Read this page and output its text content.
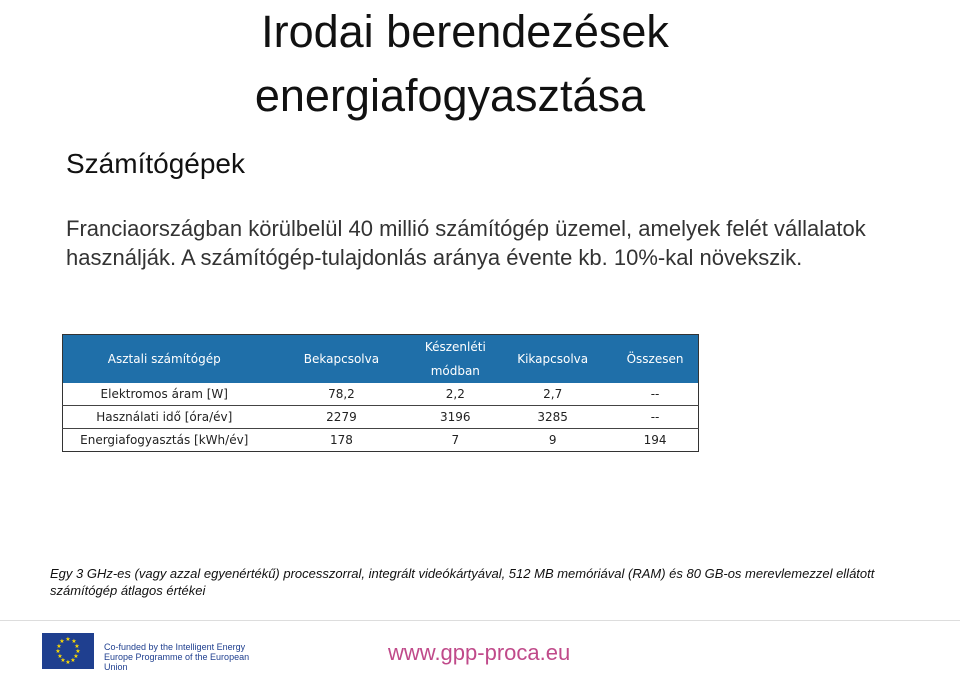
Irodai berendezések
energiafogyasztása
Számítógépek
Franciaországban körülbelül 40 millió számítógép üzemel, amelyek felét vállalatok használják. A számítógép-tulajdonlás aránya évente kb. 10%-kal növekszik.
Asztali számítógép	Bekapcsolva	Készenléti módban	Kikapcsolva	Összesen
Elektromos áram [W]	78,2	2,2	2,7	--
Használati idő [óra/év]	2279	3196	3285	--
Energiafogyasztás [kWh/év]	178	7	9	194
Egy 3 GHz-es (vagy azzal egyenértékű) processzorral, integrált videókártyával, 512 MB memóriával (RAM) és 80 GB-os merevlemezzel ellátott számítógép átlagos értékei
★ ★
★
★
★
★
★
★
★
★
★
★
Co-funded by the Intelligent Energy Europe Programme of the European Union
www.gpp-proca.eu
